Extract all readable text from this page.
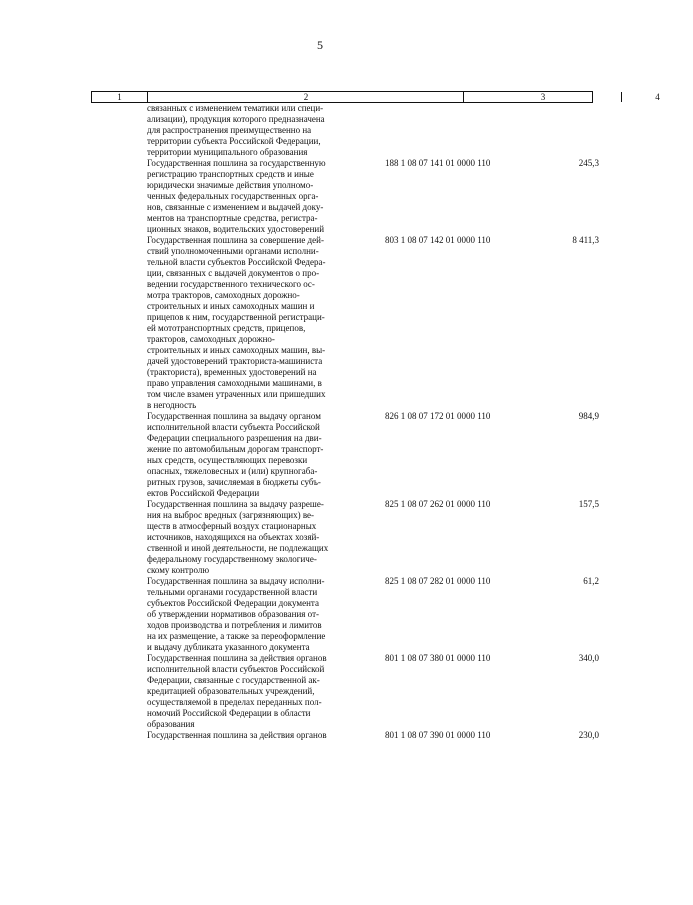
5
1	2	3	4
связанных с изменением тематики или специ-
ализации), продукция которого предназначена
для распространения преимущественно на
территории субъекта Российской Федерации,
территории муниципального образования
Государственная пошлина за государственную
регистрацию транспортных средств и иные
юридически значимые действия уполномо-
ченных федеральных государственных орга-
нов, связанные с изменением и выдачей доку-
ментов на транспортные средства, регистра-
ционных знаков, водительских удостоверений
188 1 08 07 141 01 0000 110	245,3
Государственная пошлина за совершение дей-
ствий уполномоченными органами исполни-
тельной власти субъектов Российской Федера-
ции, связанных с выдачей документов о про-
ведении государственного технического ос-
мотра тракторов, самоходных дорожно-
строительных и иных самоходных машин и
прицепов к ним, государственной регистраци-
ей мототранспортных средств, прицепов,
тракторов, самоходных дорожно-
строительных и иных самоходных машин, вы-
дачей удостоверений тракториста-машиниста
(тракториста), временных удостоверений на
право управления самоходными машинами, в
том числе взамен утраченных или пришедших
в негодность
803 1 08 07 142 01 0000 110	8 411,3
Государственная пошлина за выдачу органом
исполнительной власти субъекта Российской
Федерации специального разрешения на дви-
жение по автомобильным дорогам транспорт-
ных средств, осуществляющих перевозки
опасных, тяжеловесных и (или) крупногаба-
ритных грузов, зачисляемая в бюджеты субъ-
ектов Российской Федерации
826 1 08 07 172 01 0000 110	984,9
Государственная пошлина за выдачу разреше-
ния на выброс вредных (загрязняющих) ве-
ществ в атмосферный воздух стационарных
источников, находящихся на объектах хозяй-
ственной и иной деятельности, не подлежащих
федеральному государственному экологиче-
скому контролю
825 1 08 07 262 01 0000 110	157,5
Государственная пошлина за выдачу исполни-
тельными органами государственной власти
субъектов Российской Федерации документа
об утверждении нормативов образования от-
ходов производства и потребления и лимитов
на их размещение, а также за переоформление
и выдачу дубликата указанного документа
825 1 08 07 282 01 0000 110	61,2
Государственная пошлина за действия органов
исполнительной власти субъектов Российской
Федерации, связанные с государственной ак-
кредитацией образовательных учреждений,
осуществляемой в пределах переданных пол-
номочий Российской Федерации в области
образования
801 1 08 07 380 01 0000 110	340,0
Государственная пошлина за действия органов	801 1 08 07 390 01 0000 110	230,0
